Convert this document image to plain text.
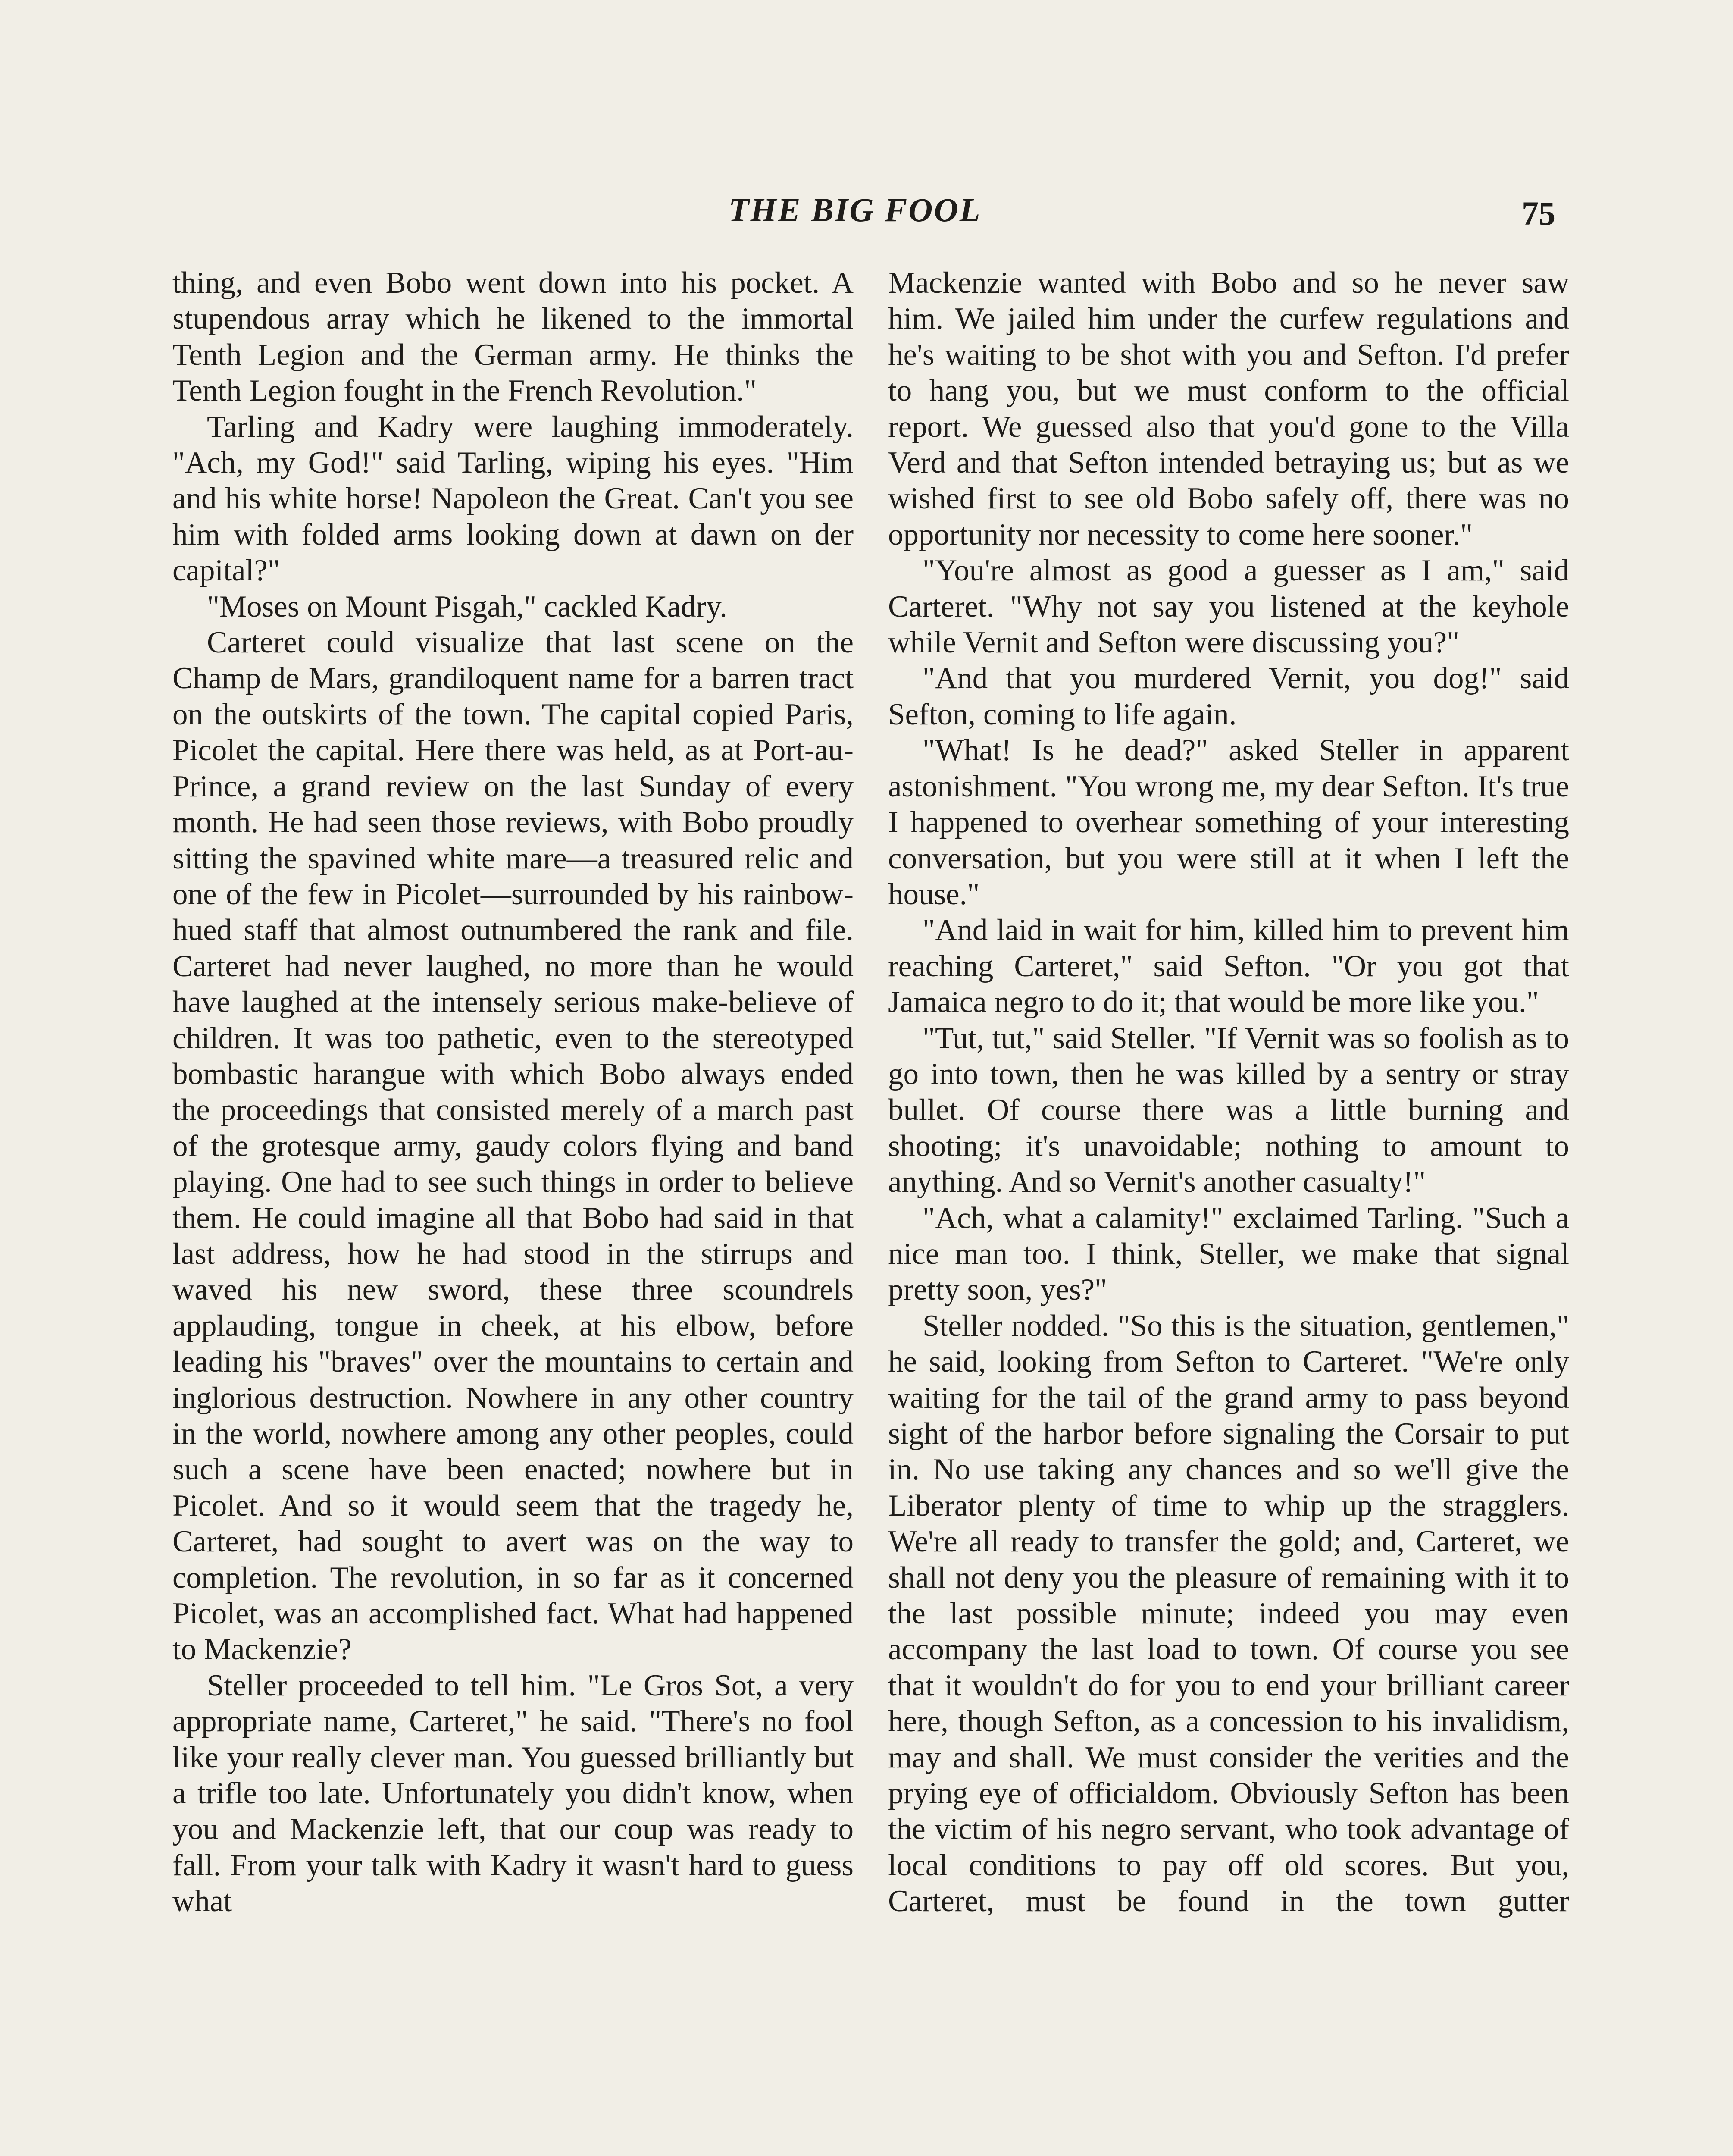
THE BIG FOOL	75

thing, and even Bobo went down into his pocket. A stupendous array which he likened to the immortal Tenth Legion and the German army. He thinks the Tenth Legion fought in the French Revolution."

Tarling and Kadry were laughing immoderately. "Ach, my God!" said Tarling, wiping his eyes. "Him and his white horse! Napoleon the Great. Can't you see him with folded arms looking down at dawn on der capital?"

"Moses on Mount Pisgah," cackled Kadry.

Carteret could visualize that last scene on the Champ de Mars, grandiloquent name for a barren tract on the outskirts of the town. The capital copied Paris, Picolet the capital. Here there was held, as at Port-au-Prince, a grand review on the last Sunday of every month. He had seen those reviews, with Bobo proudly sitting the spavined white mare—a treasured relic and one of the few in Picolet—surrounded by his rainbow-hued staff that almost outnumbered the rank and file. Carteret had never laughed, no more than he would have laughed at the intensely serious make-believe of children. It was too pathetic, even to the stereotyped bombastic harangue with which Bobo always ended the proceedings that consisted merely of a march past of the grotesque army, gaudy colors flying and band playing. One had to see such things in order to believe them. He could imagine all that Bobo had said in that last address, how he had stood in the stirrups and waved his new sword, these three scoundrels applauding, tongue in cheek, at his elbow, before leading his "braves" over the mountains to certain and inglorious destruction. Nowhere in any other country in the world, nowhere among any other peoples, could such a scene have been enacted; nowhere but in Picolet. And so it would seem that the tragedy he, Carteret, had sought to avert was on the way to completion. The revolution, in so far as it concerned Picolet, was an accomplished fact. What had happened to Mackenzie?

Steller proceeded to tell him. "Le Gros Sot, a very appropriate name, Carteret," he said. "There's no fool like your really clever man. You guessed brilliantly but a trifle too late. Unfortunately you didn't know, when you and Mackenzie left, that our coup was ready to fall. From your talk with Kadry it wasn't hard to guess what

Mackenzie wanted with Bobo and so he never saw him. We jailed him under the curfew regulations and he's waiting to be shot with you and Sefton. I'd prefer to hang you, but we must conform to the official report. We guessed also that you'd gone to the Villa Verd and that Sefton intended betraying us; but as we wished first to see old Bobo safely off, there was no opportunity nor necessity to come here sooner."

"You're almost as good a guesser as I am," said Carteret. "Why not say you listened at the keyhole while Vernit and Sefton were discussing you?"

"And that you murdered Vernit, you dog!" said Sefton, coming to life again.

"What! Is he dead?" asked Steller in apparent astonishment. "You wrong me, my dear Sefton. It's true I happened to overhear something of your interesting conversation, but you were still at it when I left the house."

"And laid in wait for him, killed him to prevent him reaching Carteret," said Sefton. "Or you got that Jamaica negro to do it; that would be more like you."

"Tut, tut," said Steller. "If Vernit was so foolish as to go into town, then he was killed by a sentry or stray bullet. Of course there was a little burning and shooting; it's unavoidable; nothing to amount to anything. And so Vernit's another casualty!"

"Ach, what a calamity!" exclaimed Tarling. "Such a nice man too. I think, Steller, we make that signal pretty soon, yes?"

Steller nodded. "So this is the situation, gentlemen," he said, looking from Sefton to Carteret. "We're only waiting for the tail of the grand army to pass beyond sight of the harbor before signaling the Corsair to put in. No use taking any chances and so we'll give the Liberator plenty of time to whip up the stragglers. We're all ready to transfer the gold; and, Carteret, we shall not deny you the pleasure of remaining with it to the last possible minute; indeed you may even accompany the last load to town. Of course you see that it wouldn't do for you to end your brilliant career here, though Sefton, as a concession to his invalidism, may and shall. We must consider the verities and the prying eye of officialdom. Obviously Sefton has been the victim of his negro servant, who took advantage of local conditions to pay off old scores. But you, Carteret, must be found in the town gutter
